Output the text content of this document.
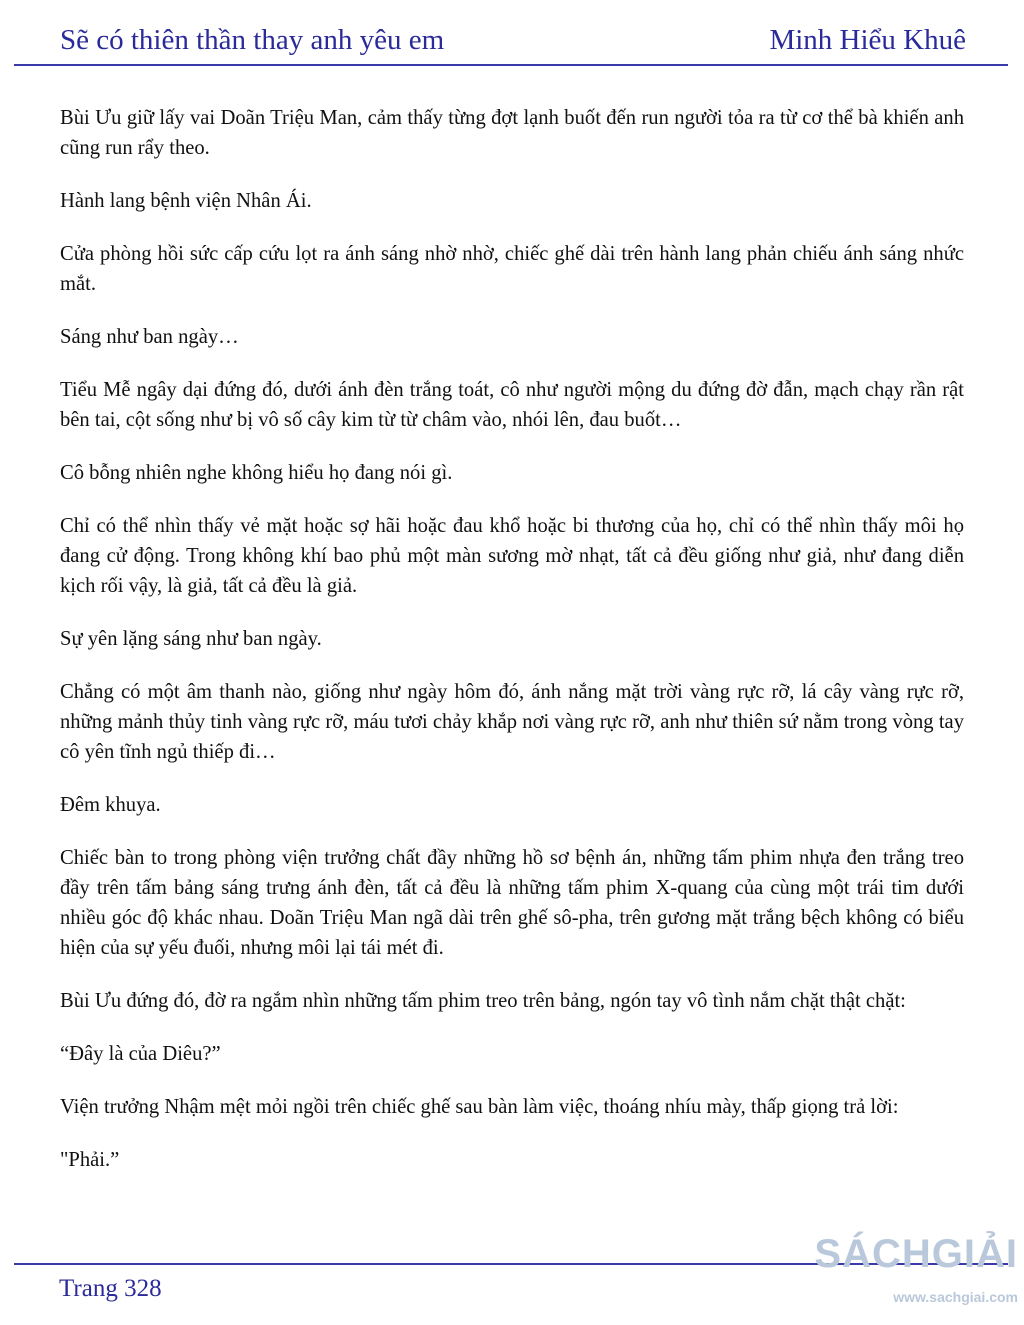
Sẽ có thiên thần thay anh yêu em	Minh Hiểu Khuê

Bùi Ưu giữ lấy vai Doãn Triệu Man, cảm thấy từng đợt lạnh buốt đến run người tỏa ra từ cơ thể bà khiến anh cũng run rẩy theo.

Hành lang bệnh viện Nhân Ái.

Cửa phòng hồi sức cấp cứu lọt ra ánh sáng nhờ nhờ, chiếc ghế dài trên hành lang phản chiếu ánh sáng nhức mắt.

Sáng như ban ngày…

Tiểu Mễ ngây dại đứng đó, dưới ánh đèn trắng toát, cô như người mộng du đứng đờ đẫn, mạch chạy rần rật bên tai, cột sống như bị vô số cây kim từ từ châm vào, nhói lên, đau buốt…

Cô bỗng nhiên nghe không hiểu họ đang nói gì.

Chỉ có thể nhìn thấy vẻ mặt hoặc sợ hãi hoặc đau khổ hoặc bi thương của họ, chỉ có thể nhìn thấy môi họ đang cử động. Trong không khí bao phủ một màn sương mờ nhạt, tất cả đều giống như giả, như đang diễn kịch rối vậy, là giả, tất cả đều là giả.

Sự yên lặng sáng như ban ngày.

Chẳng có một âm thanh nào, giống như ngày hôm đó, ánh nắng mặt trời vàng rực rỡ, lá cây vàng rực rỡ, những mảnh thủy tinh vàng rực rỡ, máu tươi chảy khắp nơi vàng rực rỡ, anh như thiên sứ nằm trong vòng tay cô yên tĩnh ngủ thiếp đi…

Đêm khuya.

Chiếc bàn to trong phòng viện trưởng chất đầy những hồ sơ bệnh án, những tấm phim nhựa đen trắng treo đầy trên tấm bảng sáng trưng ánh đèn, tất cả đều là những tấm phim X-quang của cùng một trái tim dưới nhiều góc độ khác nhau. Doãn Triệu Man ngã dài trên ghế sô-pha, trên gương mặt trắng bệch không có biểu hiện của sự yếu đuối, nhưng môi lại tái mét đi.

Bùi Ưu đứng đó, đờ ra ngắm nhìn những tấm phim treo trên bảng, ngón tay vô tình nắm chặt thật chặt:

“Đây là của Diêu?”

Viện trưởng Nhậm mệt mỏi ngồi trên chiếc ghế sau bàn làm việc, thoáng nhíu mày, thấp giọng trả lời:

"Phải.”

Trang 328
SÁCHGIẢI
www.sachgiai.com
